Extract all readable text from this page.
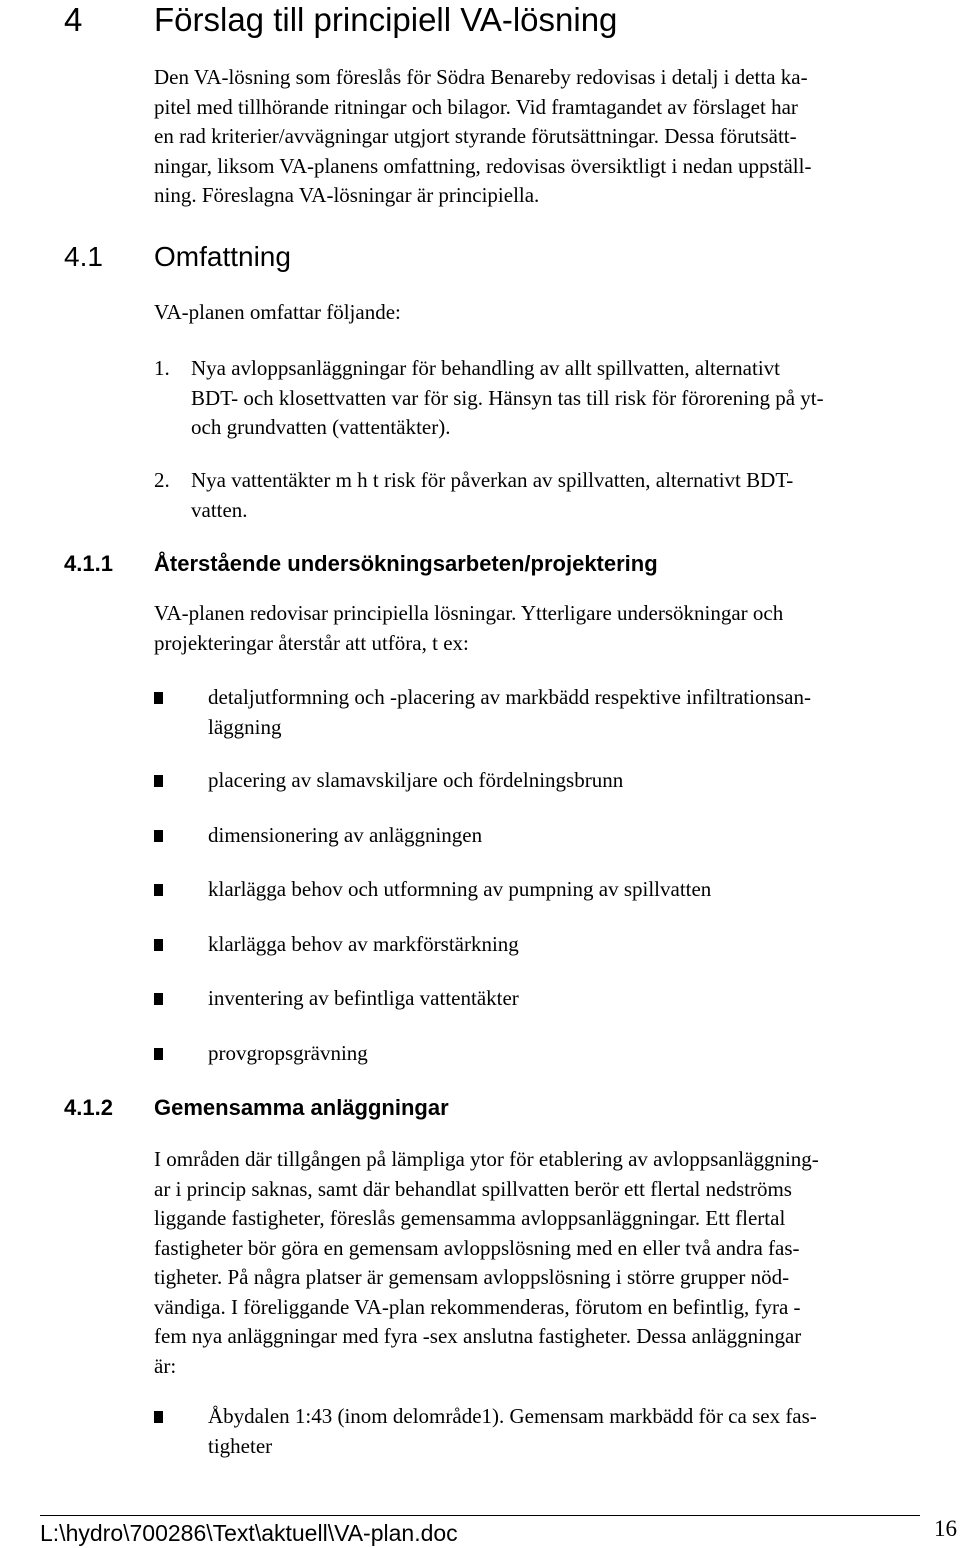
4 Förslag till principiell VA-lösning
Den VA-lösning som föreslås för Södra Benareby redovisas i detalj i detta ka-
pitel med tillhörande ritningar och bilagor. Vid framtagandet av förslaget har
en rad kriterier/avvägningar utgjort styrande förutsättningar. Dessa förutsätt-
ningar, liksom VA-planens omfattning, redovisas översiktligt i nedan uppställ-
ning. Föreslagna VA-lösningar är principiella.
4.1 Omfattning
VA-planen omfattar följande:
1. Nya avloppsanläggningar för behandling av allt spillvatten, alternativt
BDT- och klosettvatten var för sig. Hänsyn tas till risk för förorening på yt-
och grundvatten (vattentäkter).
2. Nya vattentäkter m h t risk för påverkan av spillvatten, alternativt BDT-
vatten.
4.1.1 Återstående undersökningsarbeten/projektering
VA-planen redovisar principiella lösningar. Ytterligare undersökningar och
projekteringar återstår att utföra, t ex:
detaljutformning och -placering av markbädd respektive infiltrationsan-
läggning
placering av slamavskiljare och fördelningsbrunn
dimensionering av anläggningen
klarlägga behov och utformning av pumpning av spillvatten
klarlägga behov av markförstärkning
inventering av befintliga vattentäkter
provgropsgrävning
4.1.2 Gemensamma anläggningar
I områden där tillgången på lämpliga ytor för etablering av avloppsanläggning-
ar i princip saknas, samt där behandlat spillvatten berör ett flertal nedströms
liggande fastigheter, föreslås gemensamma avloppsanläggningar. Ett flertal
fastigheter bör göra en gemensam avloppslösning med en eller två andra fas-
tigheter. På några platser är gemensam avloppslösning i större grupper nöd-
vändiga. I föreliggande VA-plan rekommenderas, förutom en befintlig, fyra -
fem nya anläggningar med fyra -sex anslutna fastigheter. Dessa anläggningar
är:
Åbydalen 1:43 (inom delområde1). Gemensam markbädd för ca sex fas-
tigheter
L:\hydro\700286\Text\aktuell\VA-plan.doc	16
